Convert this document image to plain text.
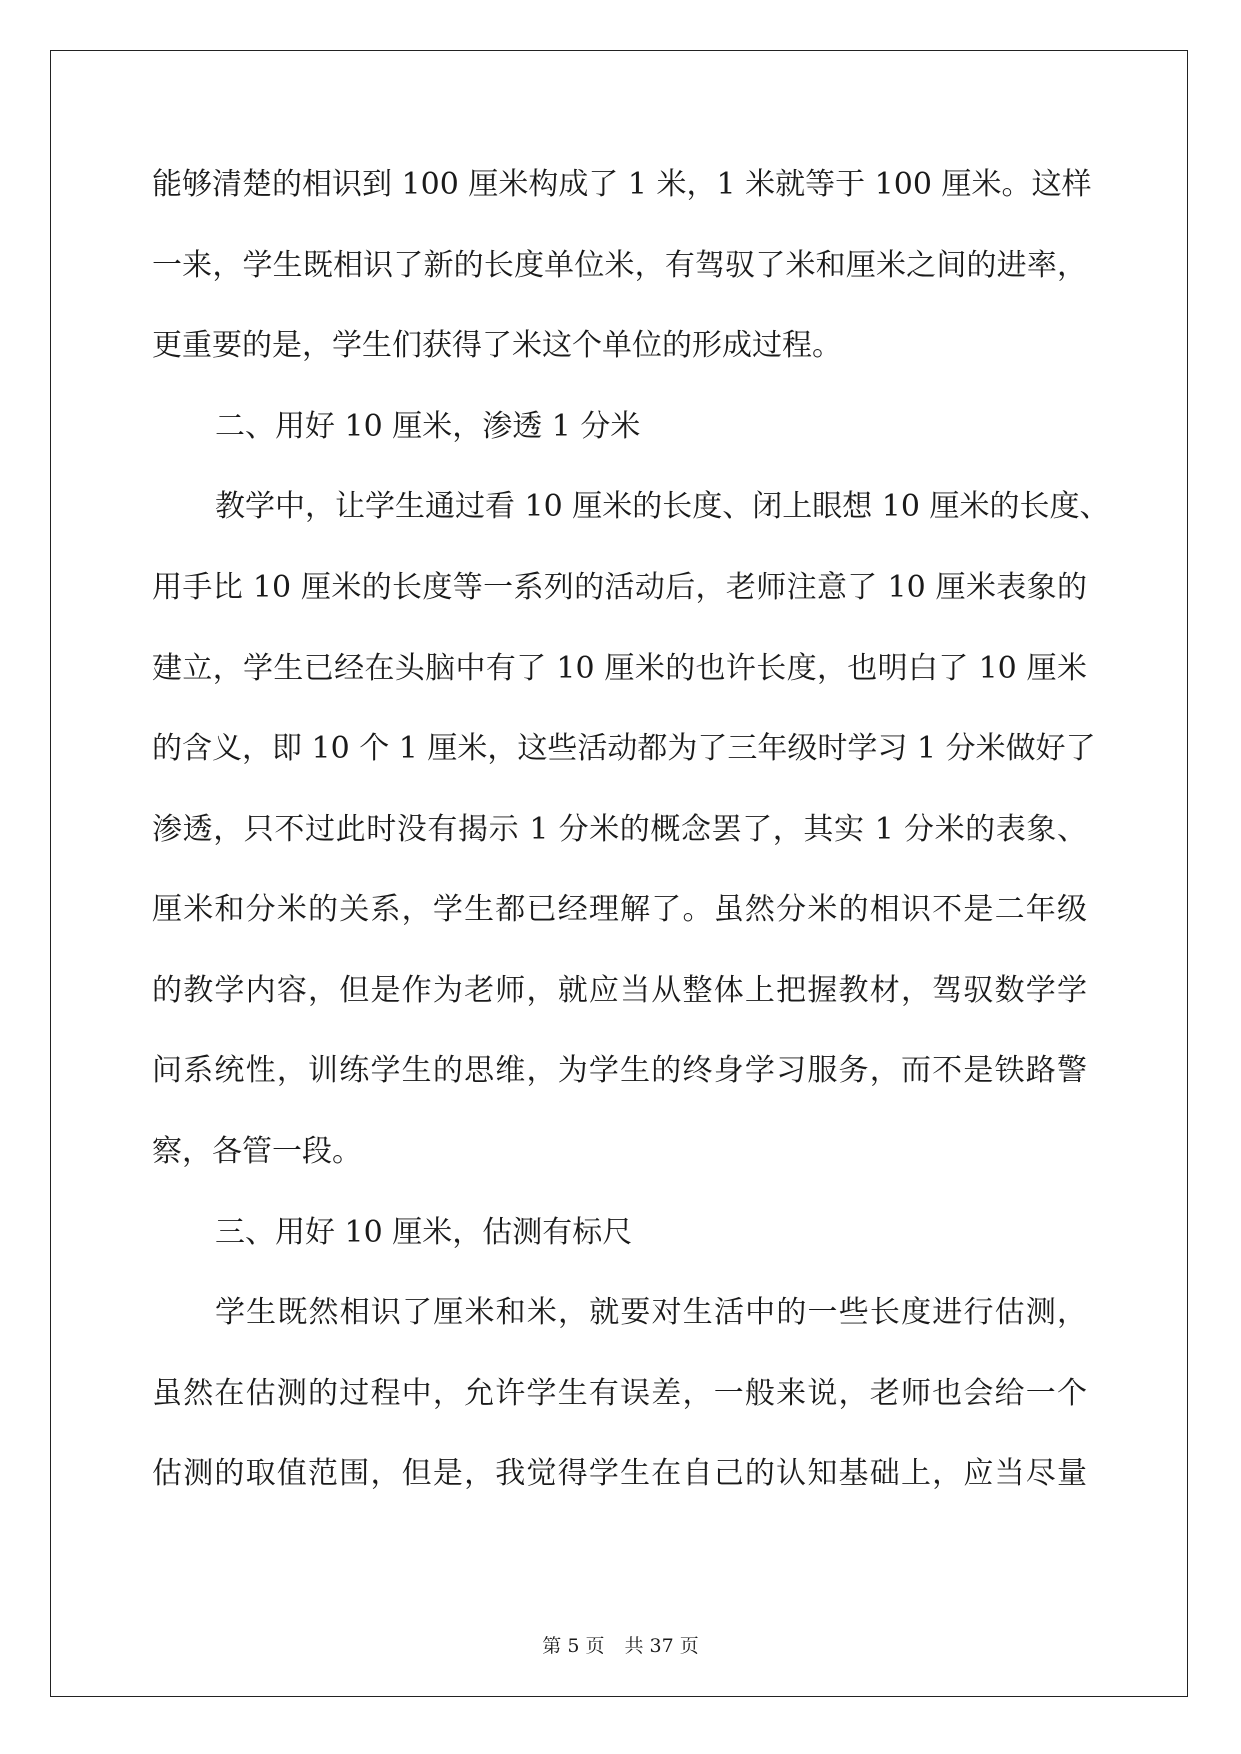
能够清楚的相识到 100 厘米构成了 1 米，1 米就等于 100 厘米。这样
一来，学生既相识了新的长度单位米，有驾驭了米和厘米之间的进率，
更重要的是，学生们获得了米这个单位的形成过程。
二、用好 10 厘米，渗透 1 分米
教学中，让学生通过看 10 厘米的长度、闭上眼想 10 厘米的长度、
用手比 10 厘米的长度等一系列的活动后，老师注意了 10 厘米表象的
建立，学生已经在头脑中有了 10 厘米的也许长度，也明白了 10 厘米
的含义，即 10 个 1 厘米，这些活动都为了三年级时学习 1 分米做好了
渗透，只不过此时没有揭示 1 分米的概念罢了，其实 1 分米的表象、
厘米和分米的关系，学生都已经理解了。虽然分米的相识不是二年级
的教学内容，但是作为老师，就应当从整体上把握教材，驾驭数学学
问系统性，训练学生的思维，为学生的终身学习服务，而不是铁路警
察，各管一段。
三、用好 10 厘米，估测有标尺
学生既然相识了厘米和米，就要对生活中的一些长度进行估测，
虽然在估测的过程中，允许学生有误差，一般来说，老师也会给一个
估测的取值范围，但是，我觉得学生在自己的认知基础上，应当尽量
第 5 页 共 37 页
